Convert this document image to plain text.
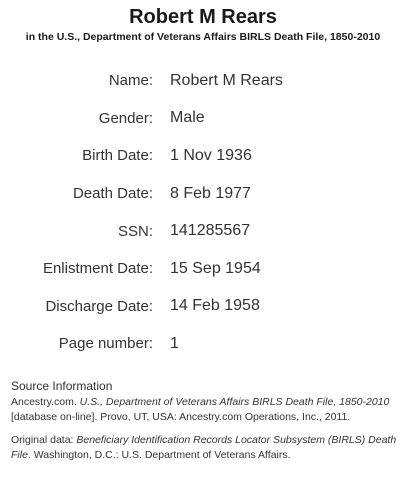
Robert M Rears
in the U.S., Department of Veterans Affairs BIRLS Death File, 1850-2010
Name: Robert M Rears
Gender: Male
Birth Date: 1 Nov 1936
Death Date: 8 Feb 1977
SSN: 141285567
Enlistment Date: 15 Sep 1954
Discharge Date: 14 Feb 1958
Page number: 1
Source Information

Ancestry.com. U.S., Department of Veterans Affairs BIRLS Death File, 1850-2010 [database on-line]. Provo, UT, USA: Ancestry.com Operations, Inc., 2011.

Original data: Beneficiary Identification Records Locator Subsystem (BIRLS) Death File. Washington, D.C.: U.S. Department of Veterans Affairs.
